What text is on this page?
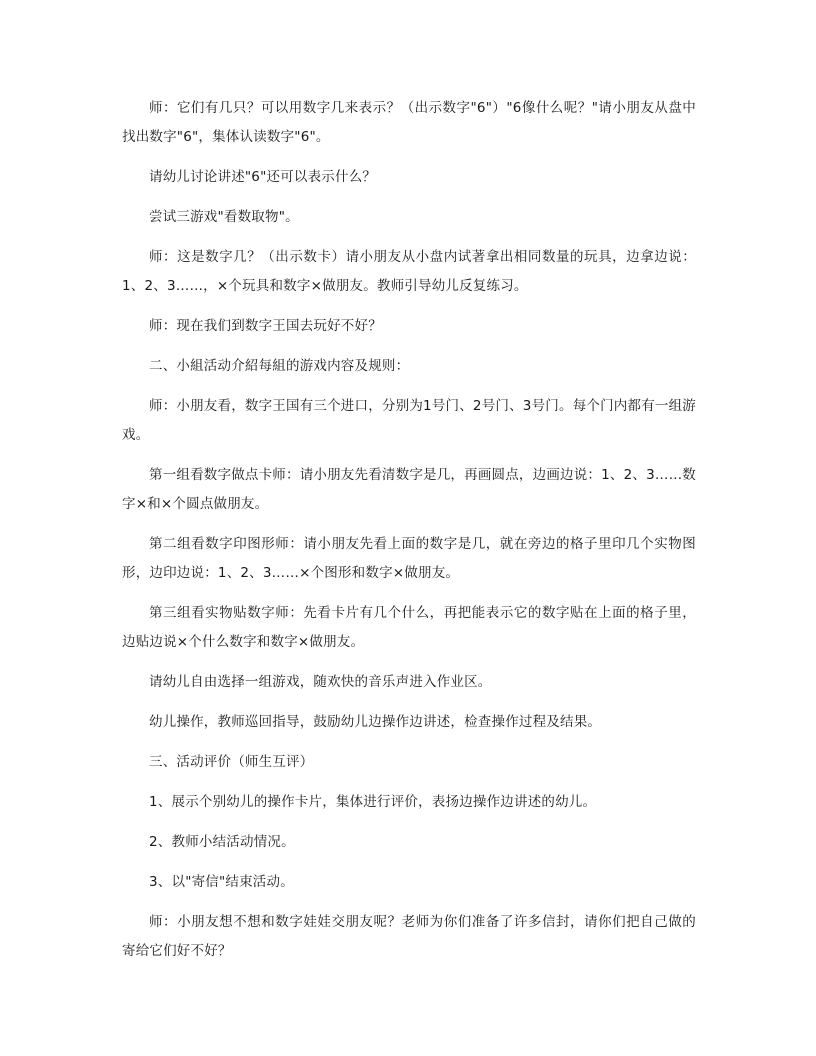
师：它们有几只？可以用数字几来表示？（出示数字"6"）"6像什么呢？"请小朋友从盘中找出数字"6"，集体认读数字"6"。

请幼儿讨论讲述"6"还可以表示什么？

尝试三游戏"看数取物"。

师：这是数字几？（出示数卡）请小朋友从小盘内试著拿出相同数量的玩具，边拿边说：1、2、3……，×个玩具和数字×做朋友。教师引导幼儿反复练习。

师：现在我们到数字王国去玩好不好？

二、小組活动介紹每組的游戏内容及规则：

师：小朋友看，数字王国有三个进口，分别为1号门、2号门、3号门。每个门内都有一组游戏。

第一组看数字做点卡师：请小朋友先看清数字是几，再画圆点，边画边说：1、2、3……数字×和×个圆点做朋友。

第二组看数字印图形师：请小朋友先看上面的数字是几，就在旁边的格子里印几个实物图形，边印边说：1、2、3……×个图形和数字×做朋友。

第三组看实物贴数字师：先看卡片有几个什么，再把能表示它的数字贴在上面的格子里，边贴边说×个什么数字和数字×做朋友。

请幼儿自由选择一组游戏，随欢快的音乐声进入作业区。

幼儿操作，教师巡回指导，鼓励幼儿边操作边讲述，检查操作过程及结果。

三、活动评价（师生互评）

1、展示个别幼儿的操作卡片，集体进行评价，表扬边操作边讲述的幼儿。

2、教师小结活动情况。

3、以"寄信"结束活动。

师：小朋友想不想和数字娃娃交朋友呢？老师为你们准备了许多信封，请你们把自己做的寄给它们好不好？
